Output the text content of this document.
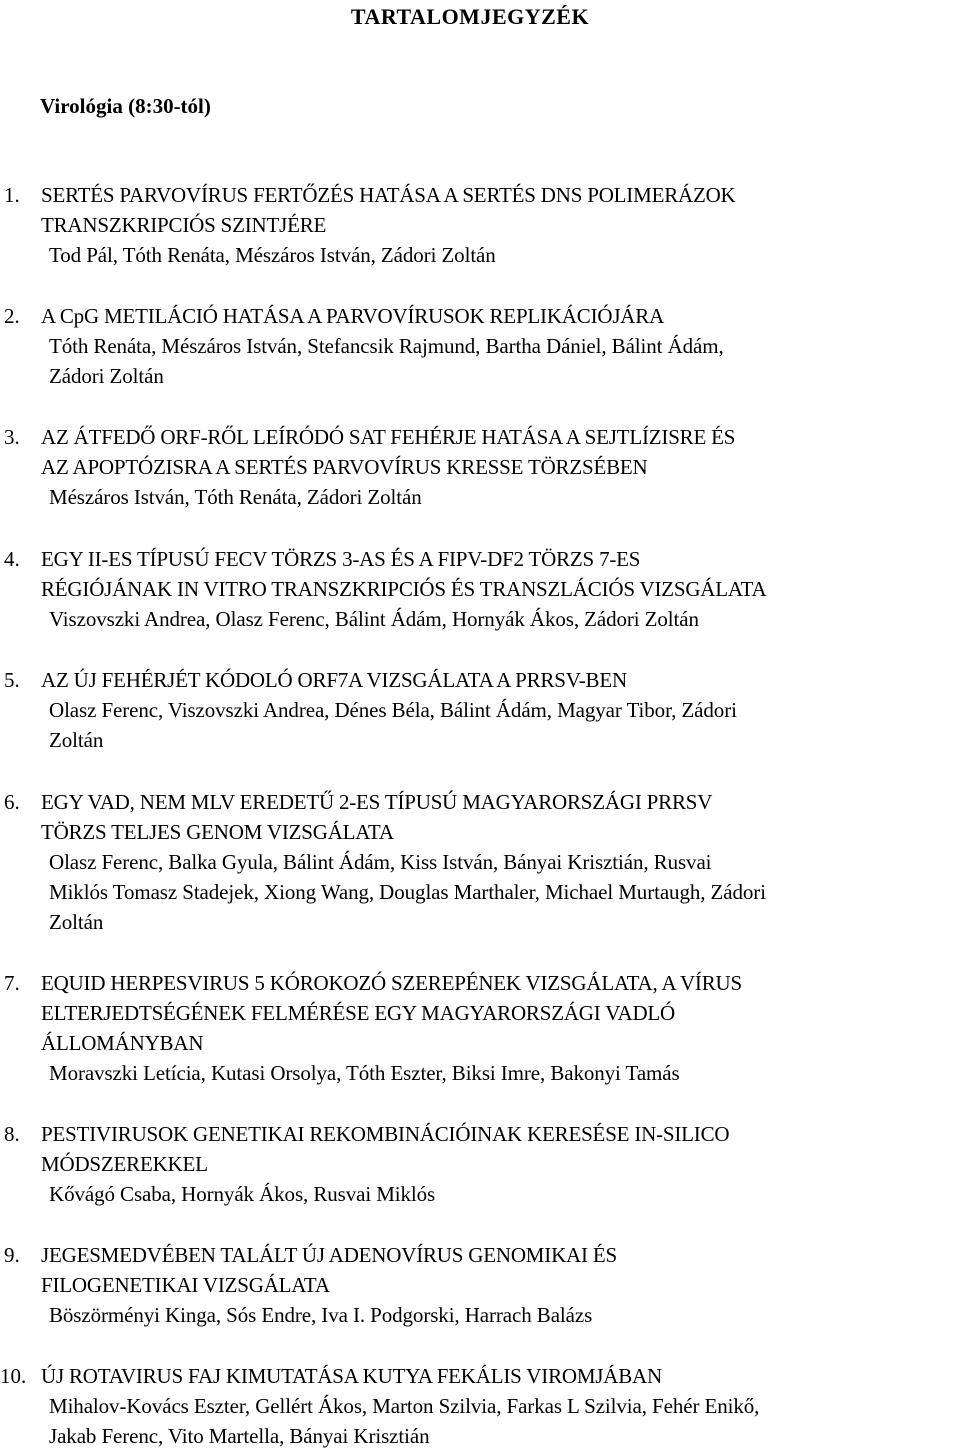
TARTALOMJEGYZÉK
Virológia (8:30-tól)
1.	SERTÉS PARVOVÍRUS FERTŐZÉS HATÁSA A SERTÉS DNS POLIMERÁZOK
TRANSZKRIPCIÓS SZINTJÉRE
Tod Pál, Tóth Renáta, Mészáros István, Zádori Zoltán
2.	A CpG METILÁCIÓ HATÁSA A PARVOVÍRUSOK REPLIKÁCIÓJÁRA
Tóth Renáta, Mészáros István, Stefancsik Rajmund, Bartha Dániel, Bálint Ádám,
Zádori Zoltán
3.	AZ ÁTFEDŐ ORF-RŐL LEÍRÓDÓ SAT FEHÉRJE HATÁSA A SEJTLÍZISRE ÉS
AZ APOPTÓZISRA A SERTÉS PARVOVÍRUS KRESSE TÖRZSÉBEN
Mészáros István, Tóth Renáta, Zádori Zoltán
4.	EGY II-ES TÍPUSÚ FECV TÖRZS 3-AS ÉS A FIPV-DF2 TÖRZS 7-ES
RÉGIÓJÁNAK IN VITRO TRANSZKRIPCIÓS ÉS TRANSZLÁCIÓS VIZSGÁLATA
Viszovszki Andrea, Olasz Ferenc, Bálint Ádám, Hornyák Ákos, Zádori Zoltán
5.	AZ ÚJ FEHÉRJÉT KÓDOLÓ ORF7A VIZSGÁLATA A PRRSV-BEN
Olasz Ferenc, Viszovszki Andrea, Dénes Béla, Bálint Ádám, Magyar Tibor, Zádori
Zoltán
6.	EGY VAD, NEM MLV EREDETŰ 2-ES TÍPUSÚ MAGYARORSZÁGI PRRSV
TÖRZS TELJES GENOM VIZSGÁLATA
Olasz Ferenc, Balka Gyula, Bálint Ádám, Kiss István, Bányai Krisztián, Rusvai
Miklós Tomasz Stadejek, Xiong Wang, Douglas Marthaler, Michael Murtaugh, Zádori
Zoltán
7.	EQUID HERPESVIRUS 5 KÓROKOZÓ SZEREPÉNEK VIZSGÁLATA, A VÍRUS
ELTERJEDTSÉGÉNEK FELMÉRÉSE EGY MAGYARORSZÁGI VADLÓ
ÁLLOMÁNYBAN
Moravszki Letícia, Kutasi Orsolya, Tóth Eszter, Biksi Imre, Bakonyi Tamás
8.	PESTIVIRUSOK GENETIKAI REKOMBINÁCIÓINAK KERESÉSE IN-SILICO
MÓDSZEREKKEL
Kővágó Csaba, Hornyák Ákos, Rusvai Miklós
9.	JEGESMEDVÉBEN TALÁLT ÚJ ADENOVÍRUS GENOMIKAI ÉS
FILOGENETIKAI VIZSGÁLATA
Böszörményi Kinga, Sós Endre, Iva I. Podgorski, Harrach Balázs
10. ÚJ ROTAVIRUS FAJ KIMUTATÁSA KUTYA FEKÁLIS VIROMJÁBAN
Mihalov-Kovács Eszter, Gellért Ákos, Marton Szilvia, Farkas L Szilvia, Fehér Enikő,
Jakab Ferenc, Vito Martella, Bányai Krisztián
